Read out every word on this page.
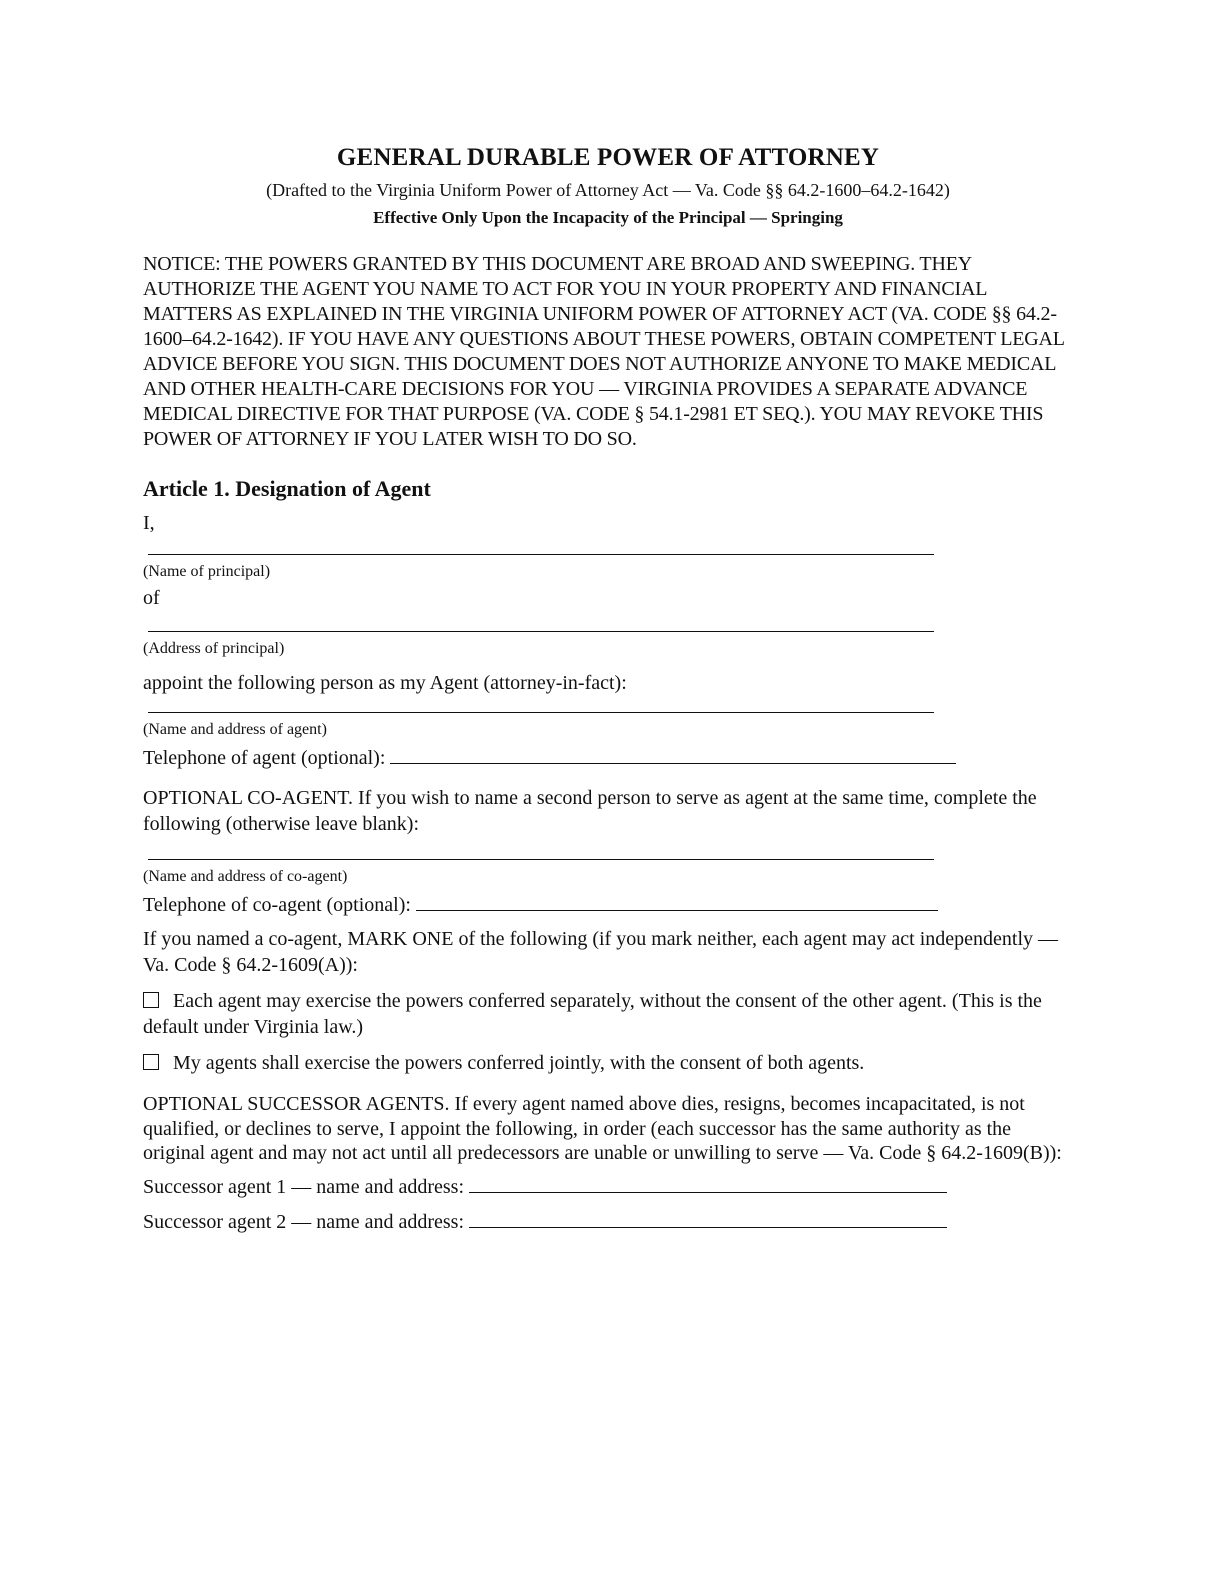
GENERAL DURABLE POWER OF ATTORNEY

(Drafted to the Virginia Uniform Power of Attorney Act — Va. Code §§ 64.2-1600–64.2-1642)

Effective Only Upon the Incapacity of the Principal — Springing

NOTICE: THE POWERS GRANTED BY THIS DOCUMENT ARE BROAD AND SWEEPING. THEY AUTHORIZE THE AGENT YOU NAME TO ACT FOR YOU IN YOUR PROPERTY AND FINANCIAL MATTERS AS EXPLAINED IN THE VIRGINIA UNIFORM POWER OF ATTORNEY ACT (VA. CODE §§ 64.2-1600–64.2-1642). IF YOU HAVE ANY QUESTIONS ABOUT THESE POWERS, OBTAIN COMPETENT LEGAL ADVICE BEFORE YOU SIGN. THIS DOCUMENT DOES NOT AUTHORIZE ANYONE TO MAKE MEDICAL AND OTHER HEALTH-CARE DECISIONS FOR YOU — VIRGINIA PROVIDES A SEPARATE ADVANCE MEDICAL DIRECTIVE FOR THAT PURPOSE (VA. CODE § 54.1-2981 ET SEQ.). YOU MAY REVOKE THIS POWER OF ATTORNEY IF YOU LATER WISH TO DO SO.

Article 1. Designation of Agent

I,

(Name of principal)

of

(Address of principal)

appoint the following person as my Agent (attorney-in-fact):

(Name and address of agent)

Telephone of agent (optional):

OPTIONAL CO-AGENT. If you wish to name a second person to serve as agent at the same time, complete the following (otherwise leave blank):

(Name and address of co-agent)

Telephone of co-agent (optional):

If you named a co-agent, MARK ONE of the following (if you mark neither, each agent may act independently — Va. Code § 64.2-1609(A)):

Each agent may exercise the powers conferred separately, without the consent of the other agent. (This is the default under Virginia law.)

My agents shall exercise the powers conferred jointly, with the consent of both agents.

OPTIONAL SUCCESSOR AGENTS. If every agent named above dies, resigns, becomes incapacitated, is not qualified, or declines to serve, I appoint the following, in order (each successor has the same authority as the original agent and may not act until all predecessors are unable or unwilling to serve — Va. Code § 64.2-1609(B)):

Successor agent 1 — name and address:

Successor agent 2 — name and address:
